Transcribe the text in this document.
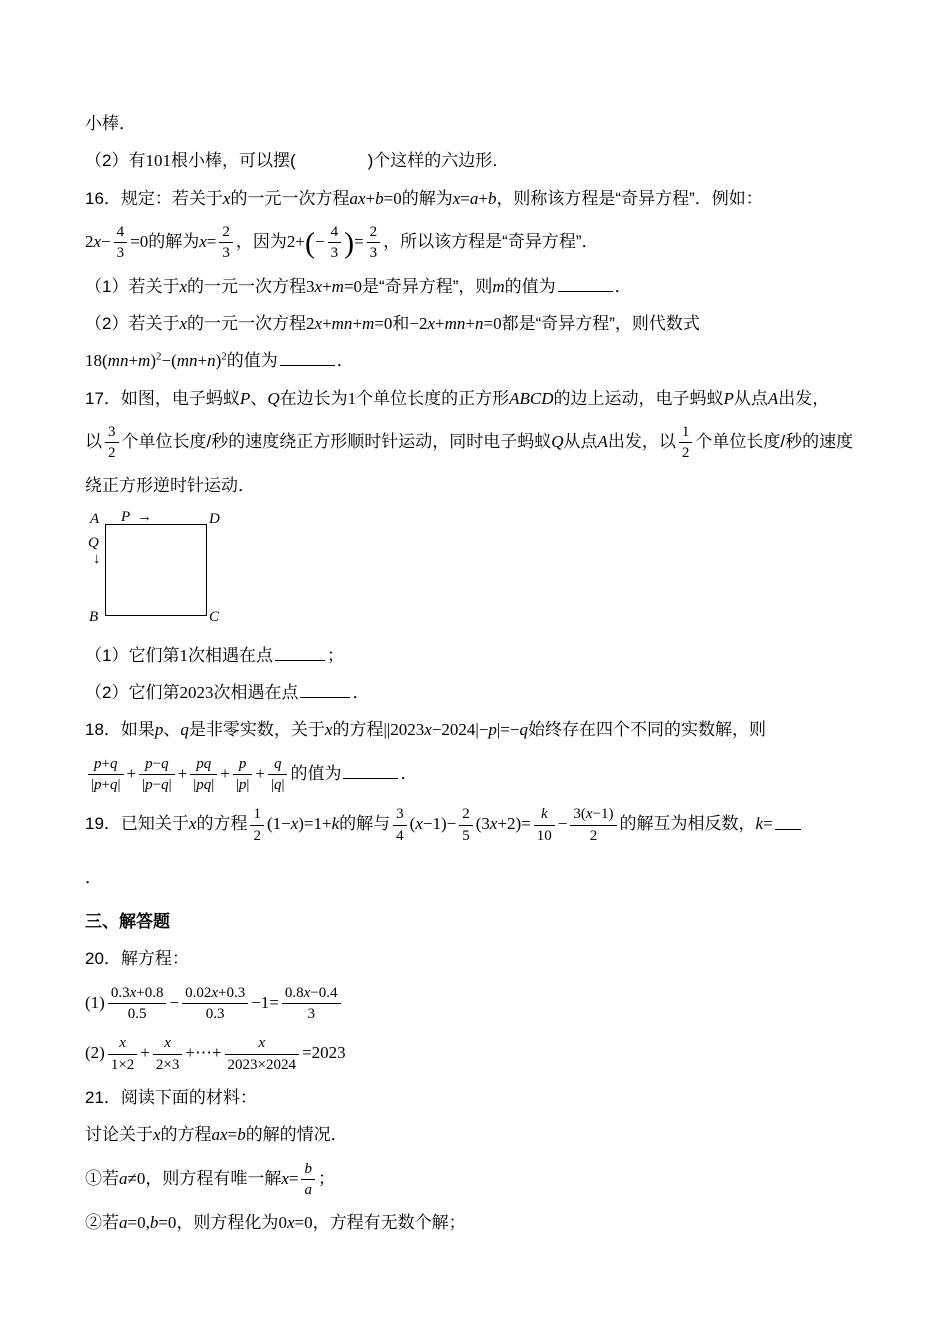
小棒．
（2）有101根小棒，可以摆(	)个这样的六边形．
16．规定：若关于x的一元一次方程ax+b=0的解为x=a+b，则称该方程是“奇异方程”．例如：
$2x- \frac{4}{3} =0$的解为$x= \frac{2}{3}$ ，因为$2+(- \frac{4}{3}$ )= $\frac{2}{3}$ ，所以该方程是“奇异方程”．
（1）若关于x的一元一次方程3x+m=0是“奇异方程”，则m的值为	．
（2）若关于x的一元一次方程2x+mn+m=0和−2x+mn+n=0都是“奇异方程”，则代数式
$18(mn+m)^2-(mn+n)^2$的值为	．
17．如图，电子蚂蚁P、Q在边长为1个单位长度的正方形ABCD的边上运动，电子蚂蚁P从点A出发，
以 $\frac{3}{2}$ 个单位长度/秒的速度绕正方形顺时针运动，同时电子蚂蚁Q从点A出发，以 $\frac{1}{2}$ 个单位长度/秒的速度
绕正方形逆时针运动．
A	D
B	C
P →
Q
↓
（1）它们第1次相遇在点	；
（2）它们第2023次相遇在点	．
18．如果p、q是非零实数，关于x的方程||2023x−2024|−p|=−q始终存在四个不同的实数解，则
$\frac{p+q}{|p+q|} + \frac{p-q}{|p-q|} + \frac{pq}{|pq|} + \frac{p}{|p|} + \frac{q}{|q|}$ 的值为	．
19．已知关于x的方程 $\frac{1}{2} (1-x)=1+k$的解与 $\frac{3}{4} (x-1)- \frac{2}{5} (3x+2)= \frac{k}{10} - \frac{3(x-1)}{2}$ 的解互为相反数，k=
．
三、解答题
20．解方程：
$(1) \frac{0.3x+0.8}{0.5} - \frac{0.02x+0.3}{0.3} -1= \frac{0.8x-0.4}{3}$
$(2) \frac{x}{1\times 2} + \frac{x}{2\times 3}$ +⋯+ $\frac{x}{2023\times 2024} =2023$
21．阅读下面的材料：
讨论关于x的方程ax=b的解的情况．
①若a≠0，则方程有唯一解$x= \frac{b}{a}$ ；
②若a=0,b=0，则方程化为0x=0，方程有无数个解；
